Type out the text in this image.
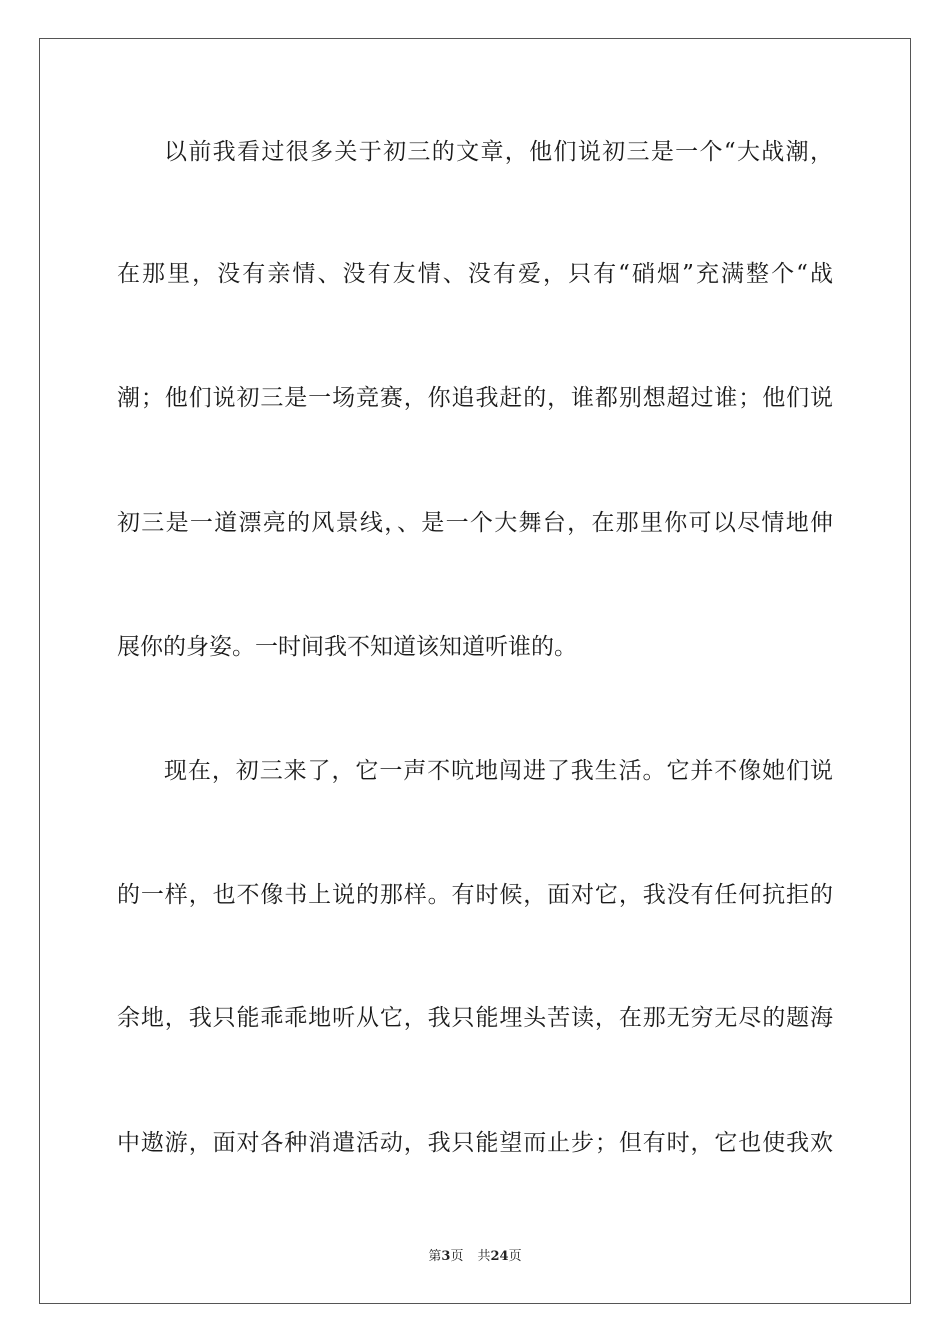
以前我看过很多关于初三的文章，他们说初三是一个“大战潮，
在那里，没有亲情、没有友情、没有爱，只有“硝烟”充满整个“战
潮；他们说初三是一场竞赛，你追我赶的，谁都别想超过谁；他们说
初三是一道漂亮的风景线，、是一个大舞台，在那里你可以尽情地伸
展你的身姿。一时间我不知道该知道听谁的。
现在，初三来了，它一声不吭地闯进了我生活。它并不像她们说
的一样，也不像书上说的那样。有时候，面对它，我没有任何抗拒的
余地，我只能乖乖地听从它，我只能埋头苦读，在那无穷无尽的题海
中遨游，面对各种消遣活动，我只能望而止步；但有时，它也使我欢
第3页 共24页
